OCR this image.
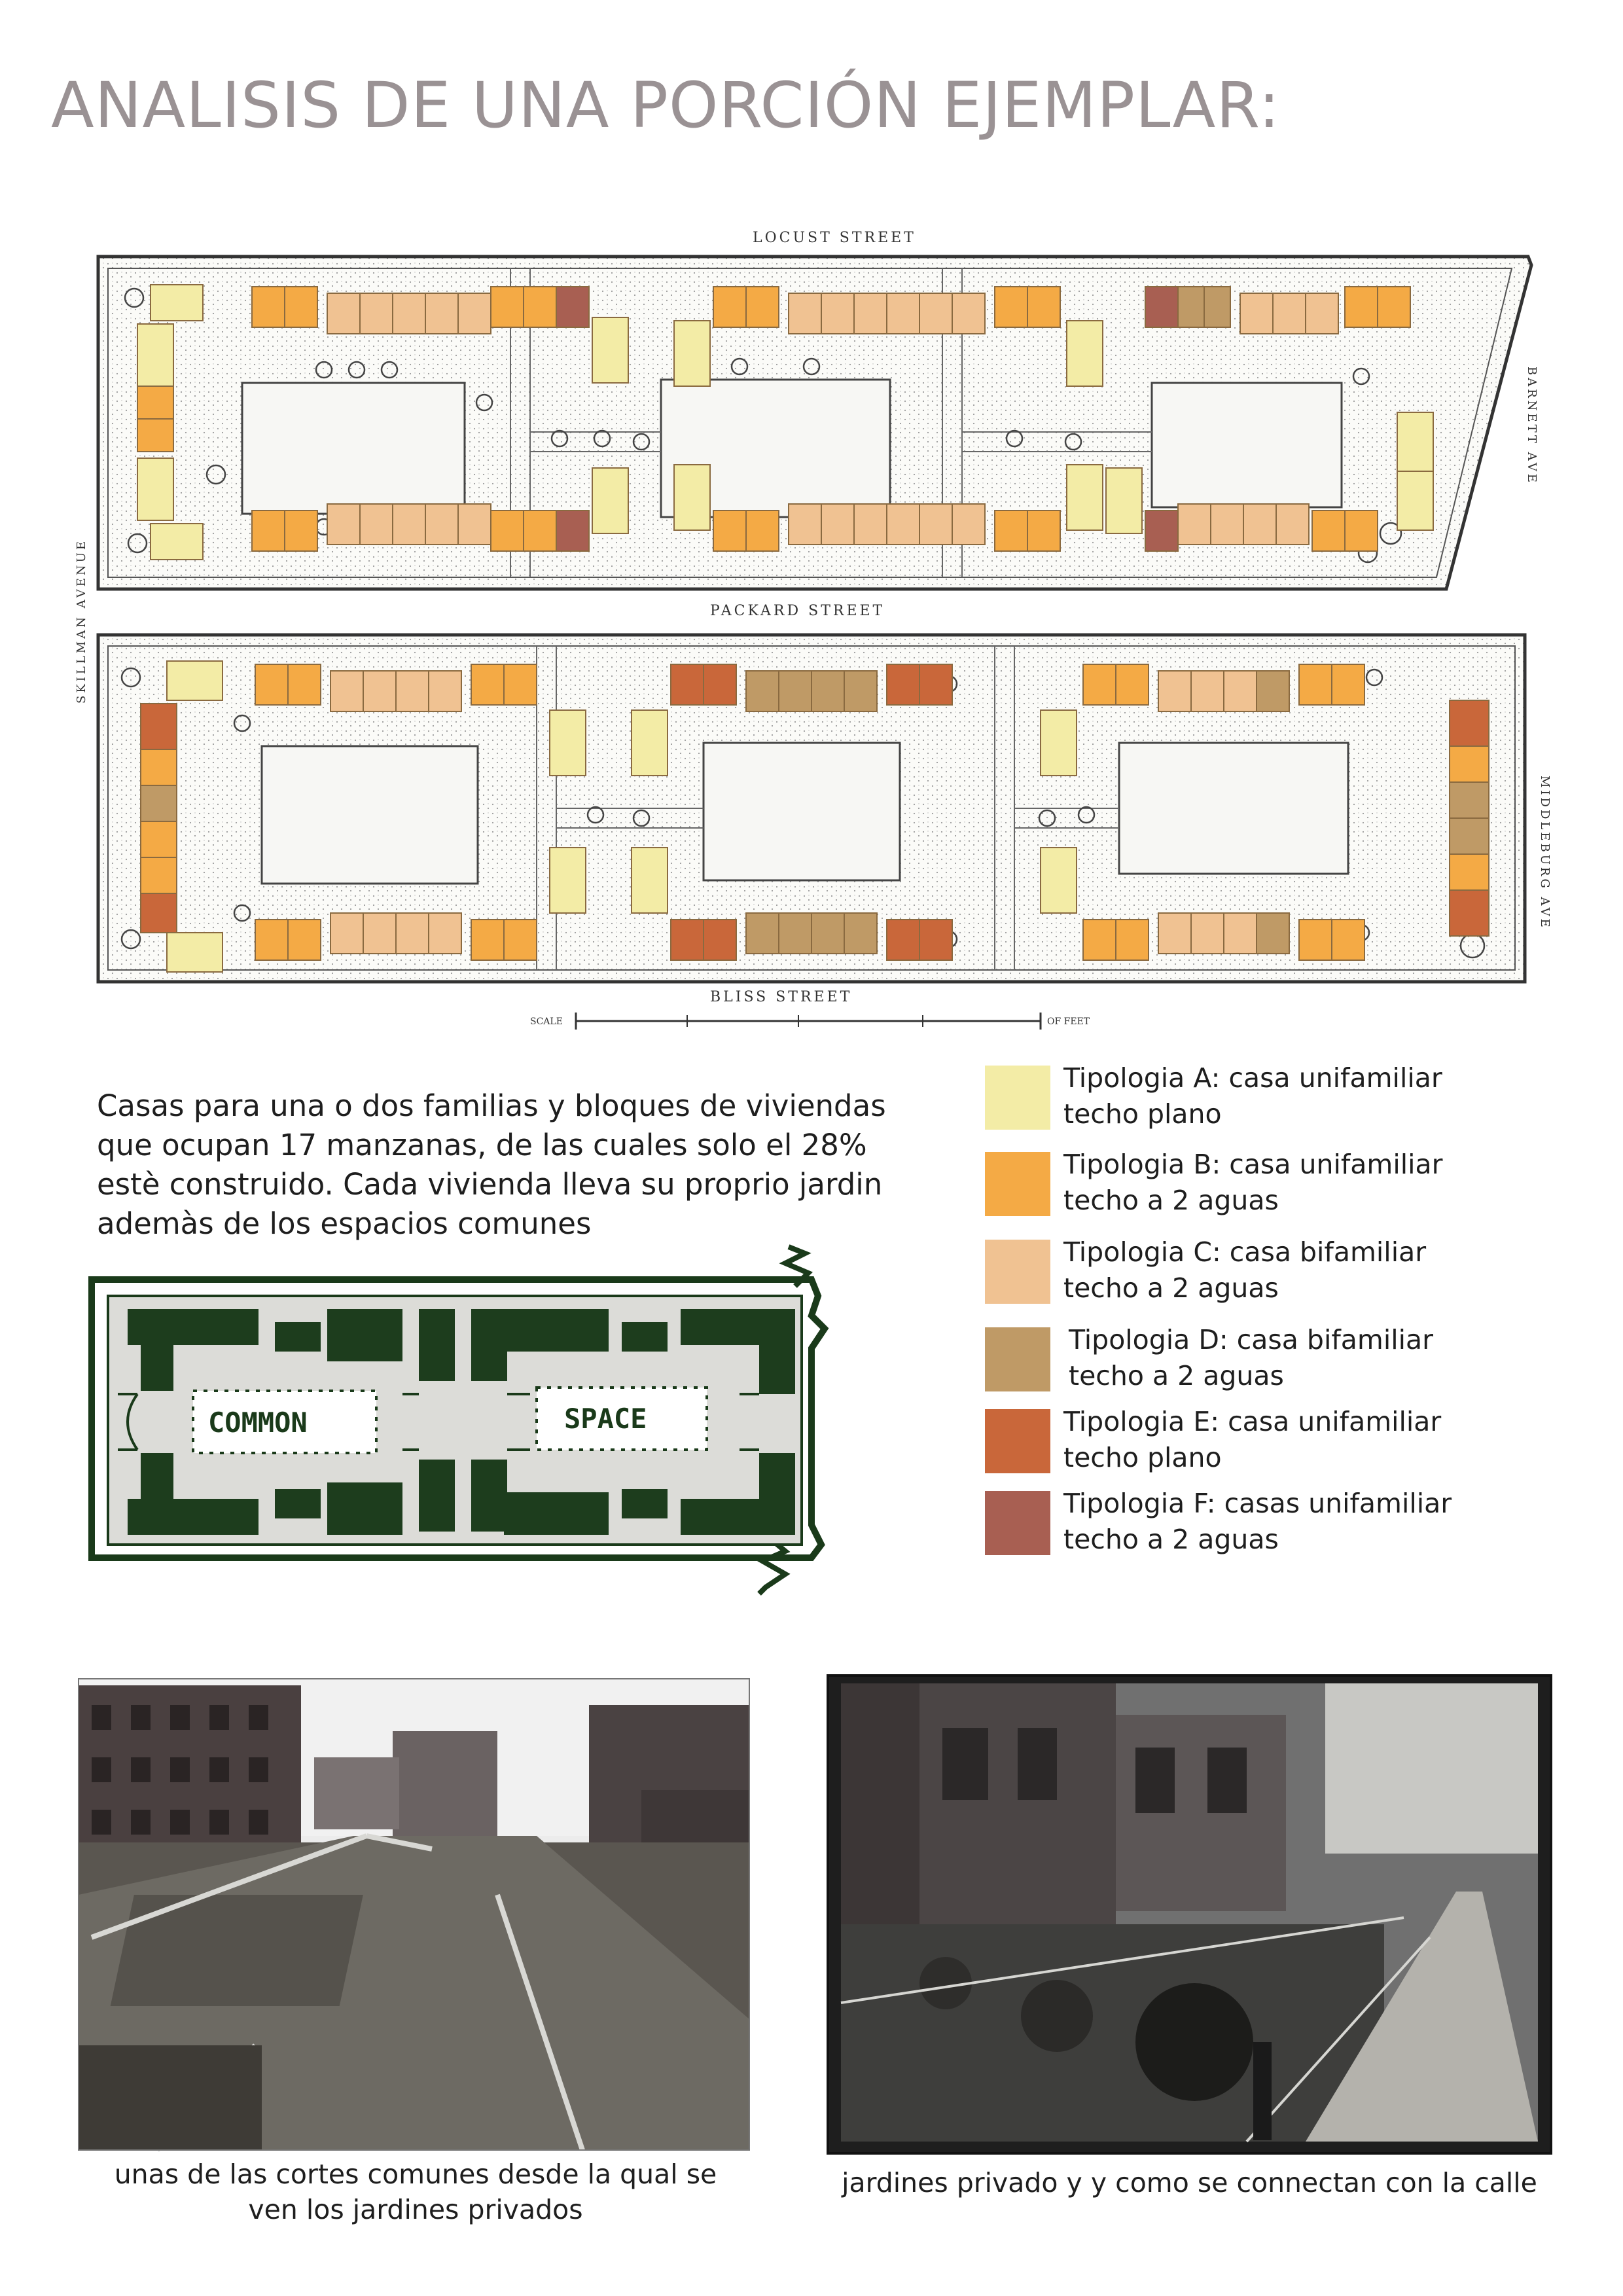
ANALISIS DE UNA PORCIÓN EJEMPLAR:
LOCUST STREET
PACKARD STREET
BLISS STREET
SKILLMAN AVENUE
BARNETT AVE
MIDDLEBURG AVE
SCALE	OF FEET
Casas para una o dos familias y bloques de viviendas que ocupan 17 manzanas, de las cuales solo el 28% estè construido. Cada vivienda lleva su proprio jardin ademàs de los espacios comunes
Tipologia A: casa unifamiliar
techo plano
Tipologia B: casa unifamiliar
techo a 2 aguas
Tipologia C: casa bifamiliar
techo a 2 aguas
Tipologia D: casa bifamiliar
techo a 2 aguas
Tipologia E: casa unifamiliar
techo plano
Tipologia F: casas unifamiliar
techo a 2 aguas
COMMON	SPACE
unas de las cortes comunes desde la qual se ven los jardines privados
jardines privado y y como se connectan con la calle
